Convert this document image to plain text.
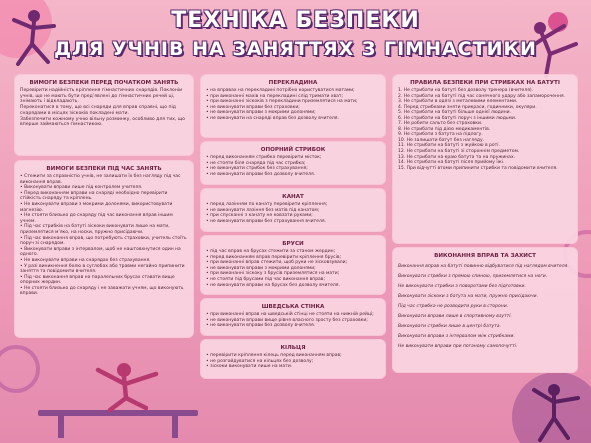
ТЕХНІКА БЕЗПЕКИ
ДЛЯ УЧНІВ НА ЗАНЯТТЯХ З ГІМНАСТИКИ
ВИМОГИ БЕЗПЕКИ ПЕРЕД ПОЧАТКОМ ЗАНЯТЬ

Перевірити надійність кріплення гімнастичних снарядів. Поклоніи учнів, що не мають бути пред’явлені до гімнастичних речей ці, знімають і відкладають.

Переконатися в тому, що всі снаряди для вправ справні, що під снарядами в місцях зіскоків покладені мати.

Забезпечити кожному учню вільну розминку, особливо для тих, що вперше займаються гімнастикою.

ВИМОГИ БЕЗПЕКИ ПІД ЧАС ЗАНЯТЬ
• Стежити за справністю учнів, не залишати їх без нагляду під час виконання вправ.
• Виконувати вправи лише під контролем учителя.
• Перед виконанням вправи на снаряді необхідно перевірити стійкість снаряду та кріплень.
• Не виконувати вправи з мокрими долонями, використовувати магнезію.
• Не стояти близько до снаряду під час виконання вправ іншим учнем.
• Під час стрибків на батуті зіскоки виконувати лише на мати, приземлятися м’яко, на носки, пружно присідаючи.
• Під час виконання вправ, що потребують страховки, учитель стоїть поруч зі снарядом.
• Виконувати вправи з інтервалом, щоб не наштовхнутися один на одного.
• Не виконувати вправи на снарядах без страхування.
• У разі виникнення болю в суглобах або травми негайно припинити заняття та повідомити вчителя.
• Під час виконання вправ на паралельних брусах ставати вище опорних жердин.
• Не стояти близько до снаряду і не заважати учням, що виконують вправи.
ПЕРЕКЛАДИНА
• на вправах на перекладині потрібно користуватися матами;
• при виконанні махів на перекладині слід тримати хват;
• при виконанні зіскоків з перекладини приземлятися на мати;
• не виконувати вправи без страховки;
• не виконувати вправи з мокрими долонями;
• не виконувати на снаряді вправ без дозволу вчителя.
ОПОРНИЙ СТРИБОК
• перед виконанням стрибка перевірити місток;
• не стояти біля снаряда під час стрибка;
• не виконувати стрибок без страхування;
• не виконувати вправи без дозволу вчителя.
КАНАТ
• перед лазінням по канату перевірити кріплення;
• не виконувати лазіння без матів під канатом;
• при спусканні з канату не ковзати руками;
• не виконувати вправи без страхування вчителя.
БРУСИ
• під час вправ на брусах стежити за станом жердин;
• перед виконанням вправ перевірити кріплення брусів;
• при виконанні вправ стежити, щоб руки не зісковзували;
• не виконувати вправи з мокрими долонями;
• при виконанні зіскоку з брусів приземлятися на мати;
• не стояти під брусами під час виконання вправ;
• не виконувати вправи на брусах без дозволу вчителя.
ШВЕДСЬКА СТІНКА
• при виконанні вправ на шведській стінці не стояти на нижній рейці;
• не виконувати вправи вище рівня власного зросту без страховки;
• не виконувати вправи без дозволу вчителя.
КІЛЬЦЯ
• перевірити кріплення кілець перед виконанням вправ;
• не розгойдуватися на кільцях без дозволу;
• зіскоки виконувати лише на мати.
ПРАВИЛА БЕЗПЕКИ ПРИ СТРИБКАХ НА БАТУТІ
1. Не стрибати на батуті без дозволу тренера (вчителя).
2. Не стрибати на батуті під час сонячного удару або запаморочення.
3. Не стрибати в одязі з металевими елементами.
4. Перед стрибками зняти прикраси, годинники, окуляри.
5. Не стрибати на батуті більше однієї людини.
6. Не стрибати на батуті поруч з іншими людьми.
7. Не робити сальто без страховки.
8. Не стрибати під дією медикаментів.
9. Не стрибати з батута на підлогу.
10. Не залишати батут без нагляду.
11. Не стрибати на батуті з жуйкою в роті.
12. Не стрибати на батуті зі стороннім предметом.
13. Не стрибати на краю батута та на пружинах.
14. Не стрибати на батуті після прийому їжі.
15. При відчутті втоми припинити стрибки та повідомити вчителя.
ВИКОНАННЯ ВПРАВ ТА ЗАХИСТ

Виконання вправ на батуті повинно відбуватися під наглядом вчителя.

Виконувати стрибки з прямою спиною, приземлятися на ноги.

Не виконувати стрибки з поворотами без підготовки.

Виконувати зіскоки з батута на мати, пружно присідаючи.

Під час стрибка не розводити руки в сторони.

Виконувати вправи лише в спортивному взутті.

Виконувати стрибки лише в центрі батута.

Виконувати вправи з інтервалом між стрибками.

Не виконувати вправи при поганому самопочутті.
